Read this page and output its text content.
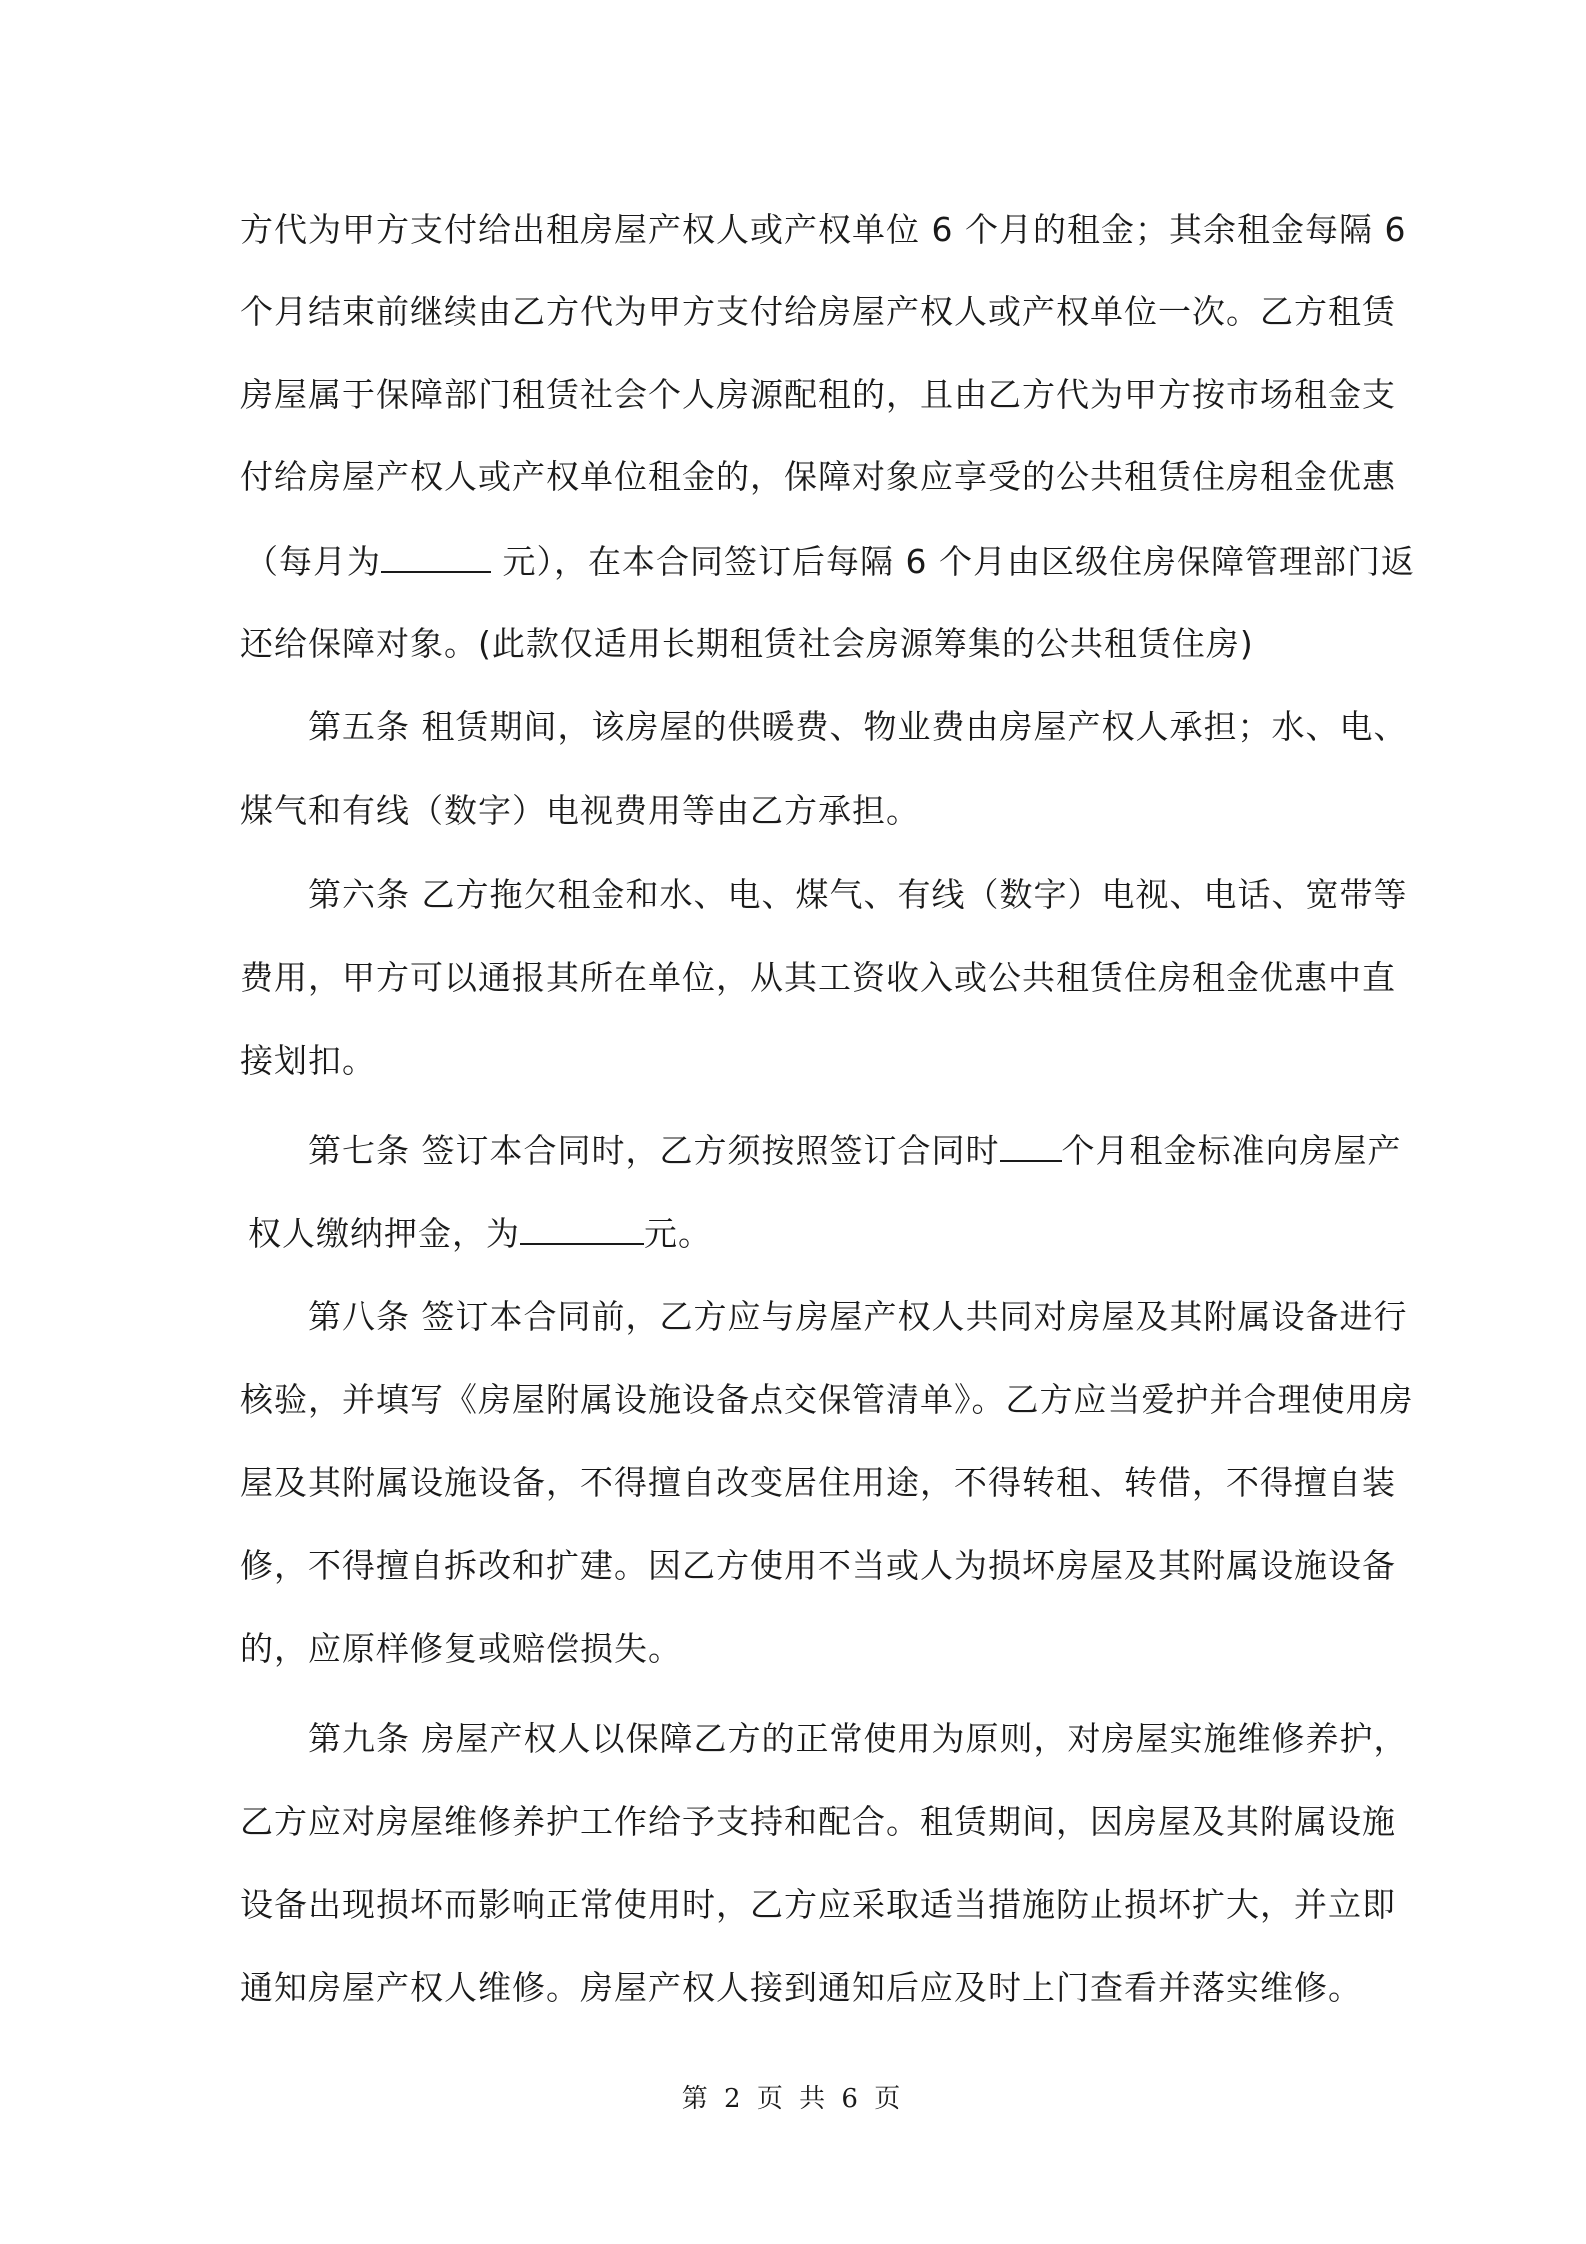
方代为甲方支付给出租房屋产权人或产权单位 6 个月的租金；其余租金每隔 6
个月结束前继续由乙方代为甲方支付给房屋产权人或产权单位一次。乙方租赁
房屋属于保障部门租赁社会个人房源配租的，且由乙方代为甲方按市场租金支
付给房屋产权人或产权单位租金的，保障对象应享受的公共租赁住房租金优惠
（每月为	元），在本合同签订后每隔 6 个月由区级住房保障管理部门返
还给保障对象。(此款仅适用长期租赁社会房源筹集的公共租赁住房)
第五条 租赁期间，该房屋的供暖费、物业费由房屋产权人承担；水、电、
煤气和有线（数字）电视费用等由乙方承担。
第六条 乙方拖欠租金和水、电、煤气、有线（数字）电视、电话、宽带等
费用，甲方可以通报其所在单位，从其工资收入或公共租赁住房租金优惠中直
接划扣。
第七条 签订本合同时，乙方须按照签订合同时 个月租金标准向房屋产
权人缴纳押金，为	元。
第八条 签订本合同前，乙方应与房屋产权人共同对房屋及其附属设备进行
核验，并填写《房屋附属设施设备点交保管清单》。乙方应当爱护并合理使用房
屋及其附属设施设备，不得擅自改变居住用途，不得转租、转借，不得擅自装
修，不得擅自拆改和扩建。因乙方使用不当或人为损坏房屋及其附属设施设备
的，应原样修复或赔偿损失。
第九条 房屋产权人以保障乙方的正常使用为原则，对房屋实施维修养护，
乙方应对房屋维修养护工作给予支持和配合。租赁期间，因房屋及其附属设施
设备出现损坏而影响正常使用时，乙方应采取适当措施防止损坏扩大，并立即
通知房屋产权人维修。房屋产权人接到通知后应及时上门查看并落实维修。
第 2 页 共 6 页
